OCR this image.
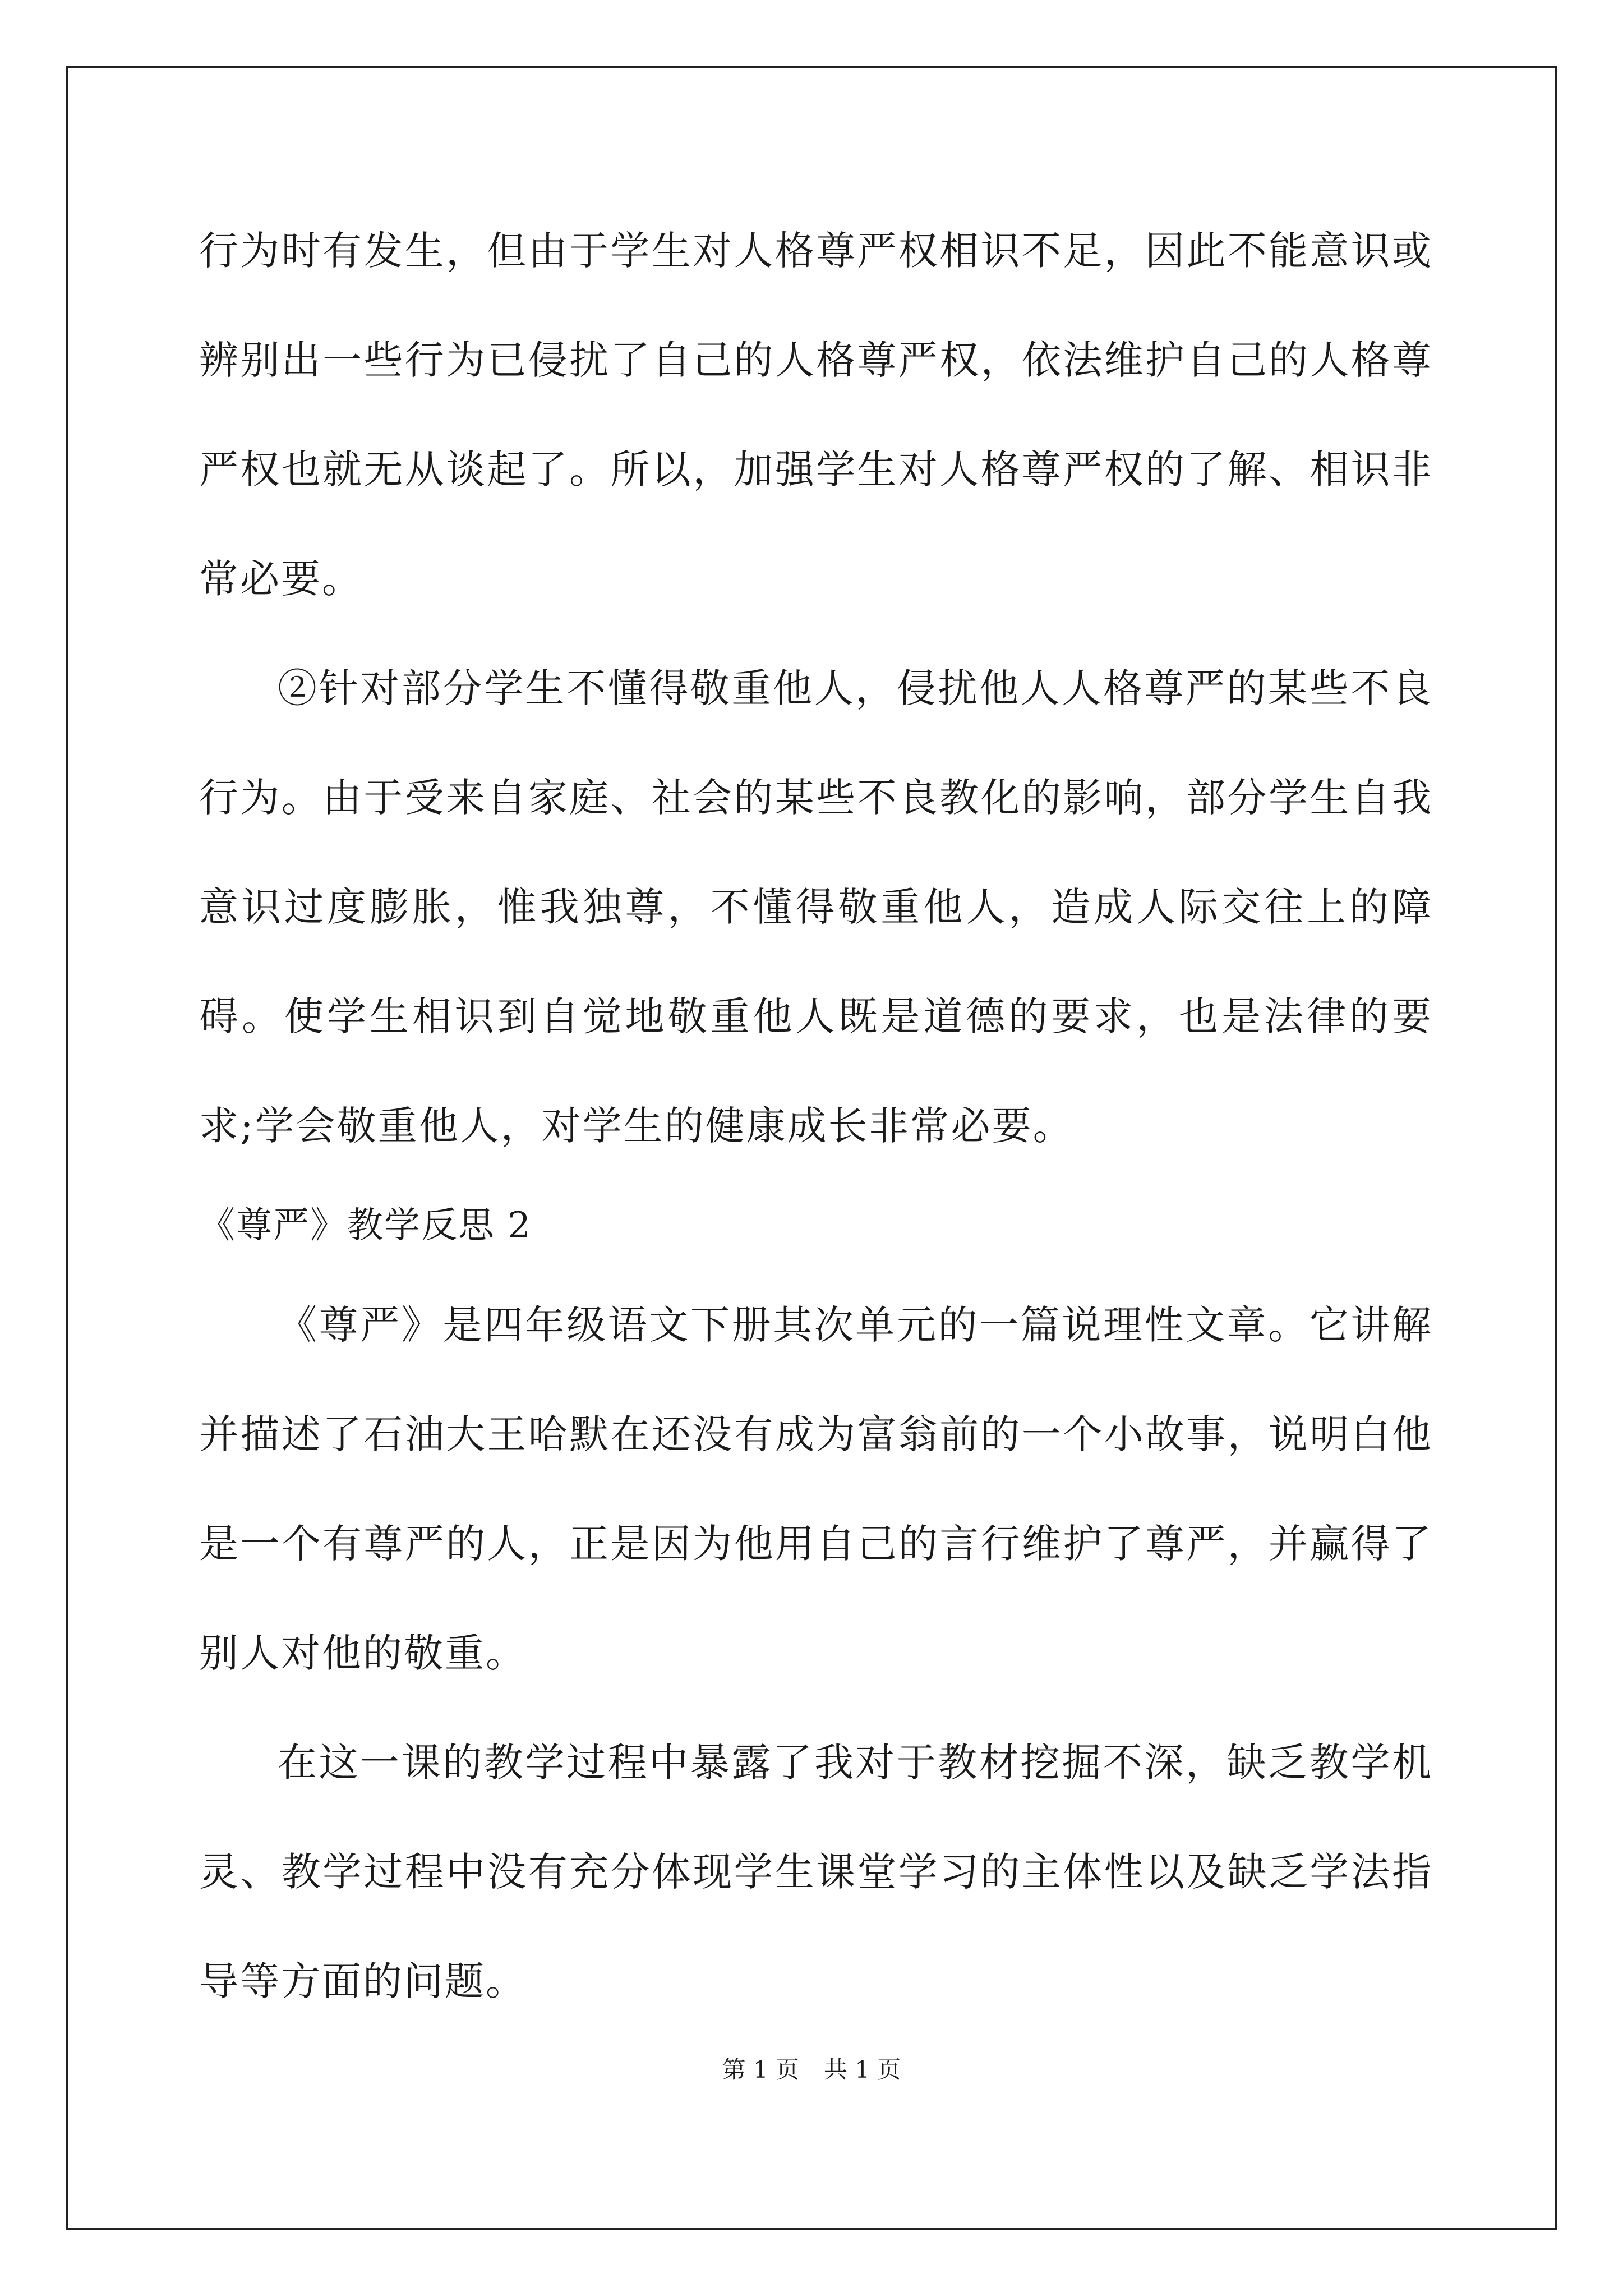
行为时有发生，但由于学生对人格尊严权相识不足，因此不能意识或辨别出一些行为已侵扰了自己的人格尊严权，依法维护自己的人格尊严权也就无从谈起了。所以，加强学生对人格尊严权的了解、相识非常必要。

②针对部分学生不懂得敬重他人，侵扰他人人格尊严的某些不良行为。由于受来自家庭、社会的某些不良教化的影响，部分学生自我意识过度膨胀，惟我独尊，不懂得敬重他人，造成人际交往上的障碍。使学生相识到自觉地敬重他人既是道德的要求，也是法律的要求;学会敬重他人，对学生的健康成长非常必要。

《尊严》教学反思 2

《尊严》是四年级语文下册其次单元的一篇说理性文章。它讲解并描述了石油大王哈默在还没有成为富翁前的一个小故事，说明白他是一个有尊严的人，正是因为他用自己的言行维护了尊严，并赢得了别人对他的敬重。

在这一课的教学过程中暴露了我对于教材挖掘不深，缺乏教学机灵、教学过程中没有充分体现学生课堂学习的主体性以及缺乏学法指导等方面的问题。

第 1 页 共 1 页
